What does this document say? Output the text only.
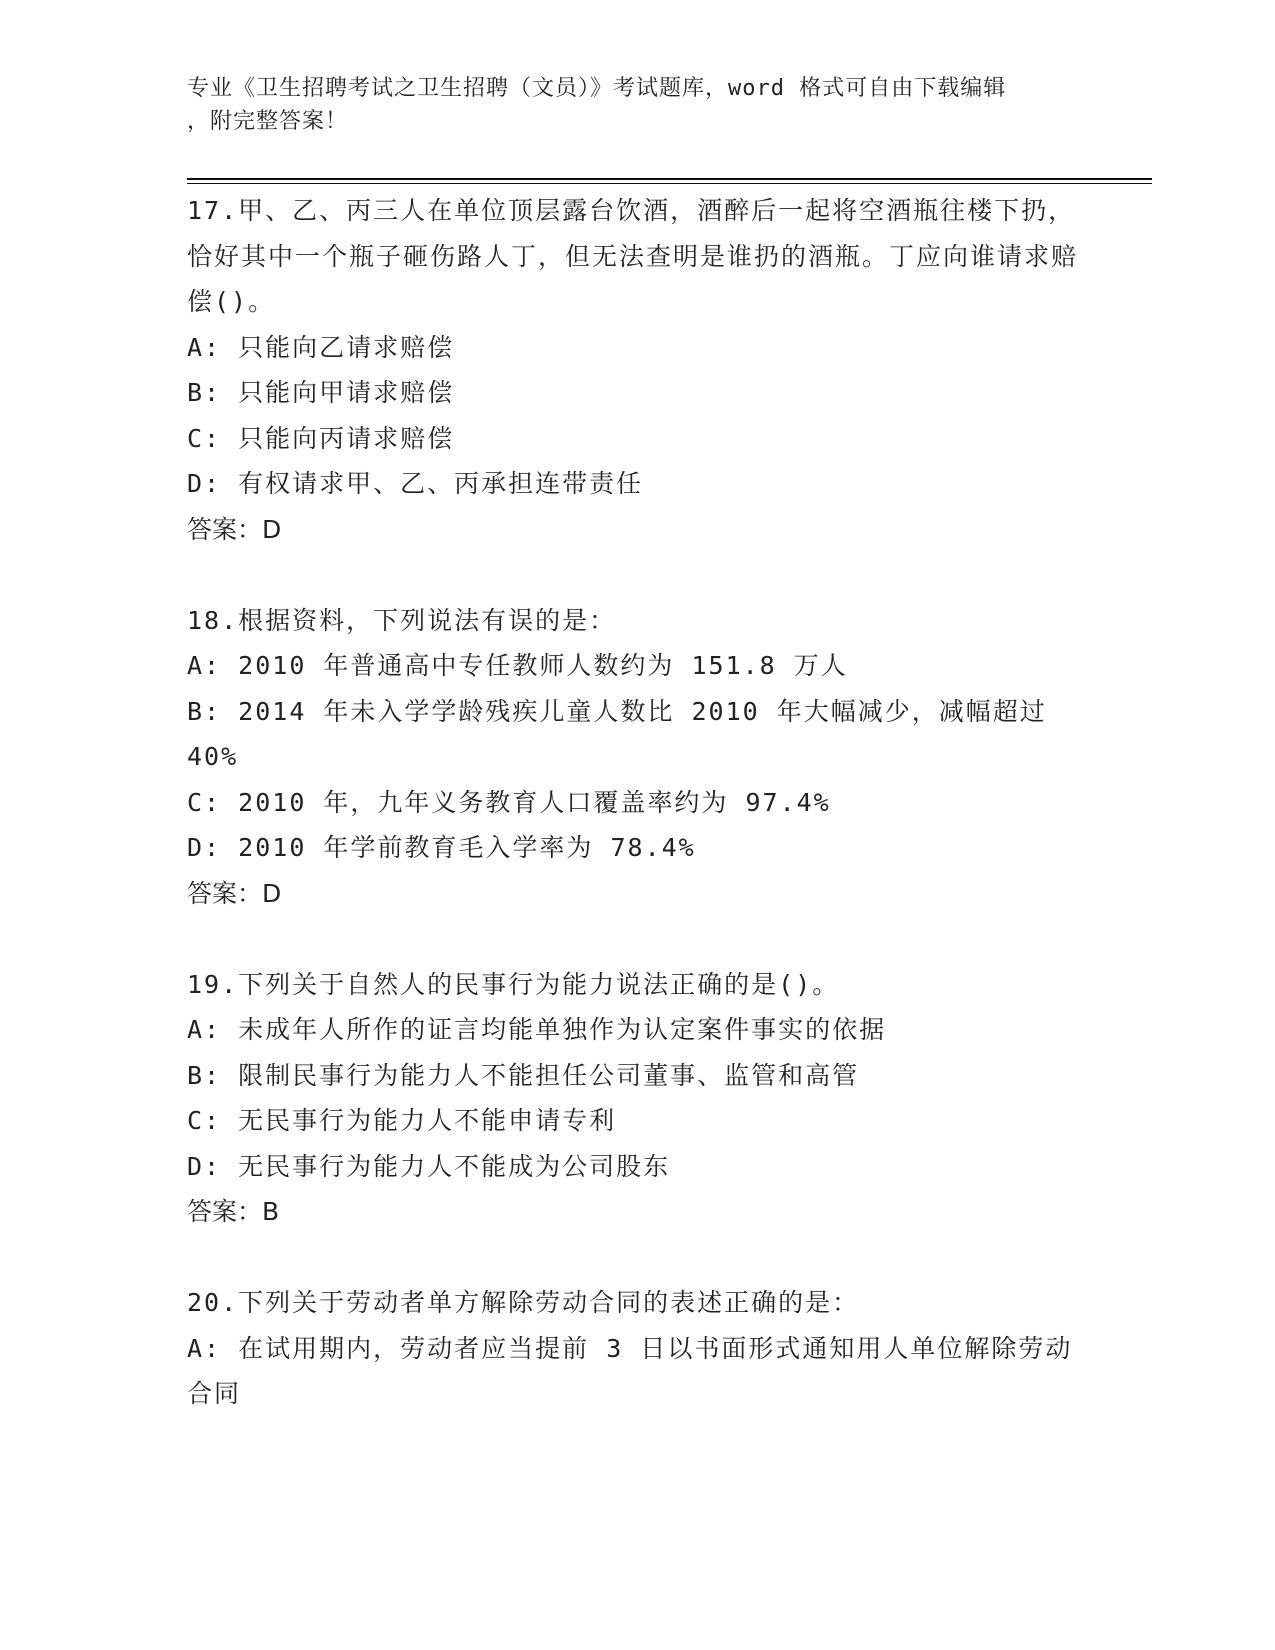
专业《卫生招聘考试之卫生招聘（文员）》考试题库，word 格式可自由下载编辑
，附完整答案！
17.甲、乙、丙三人在单位顶层露台饮酒，酒醉后一起将空酒瓶往楼下扔，恰好其中一个瓶子砸伤路人丁，但无法查明是谁扔的酒瓶。丁应向谁请求赔偿()。
A: 只能向乙请求赔偿
B: 只能向甲请求赔偿
C: 只能向丙请求赔偿
D: 有权请求甲、乙、丙承担连带责任
答案：D
18.根据资料，下列说法有误的是：
A: 2010 年普通高中专任教师人数约为 151.8 万人
B: 2014 年未入学学龄残疾儿童人数比 2010 年大幅减少，减幅超过 40%
C: 2010 年，九年义务教育人口覆盖率约为 97.4%
D: 2010 年学前教育毛入学率为 78.4%
答案：D
19.下列关于自然人的民事行为能力说法正确的是()。
A: 未成年人所作的证言均能单独作为认定案件事实的依据
B: 限制民事行为能力人不能担任公司董事、监管和高管
C: 无民事行为能力人不能申请专利
D: 无民事行为能力人不能成为公司股东
答案：B
20.下列关于劳动者单方解除劳动合同的表述正确的是：
A: 在试用期内，劳动者应当提前 3 日以书面形式通知用人单位解除劳动合同
